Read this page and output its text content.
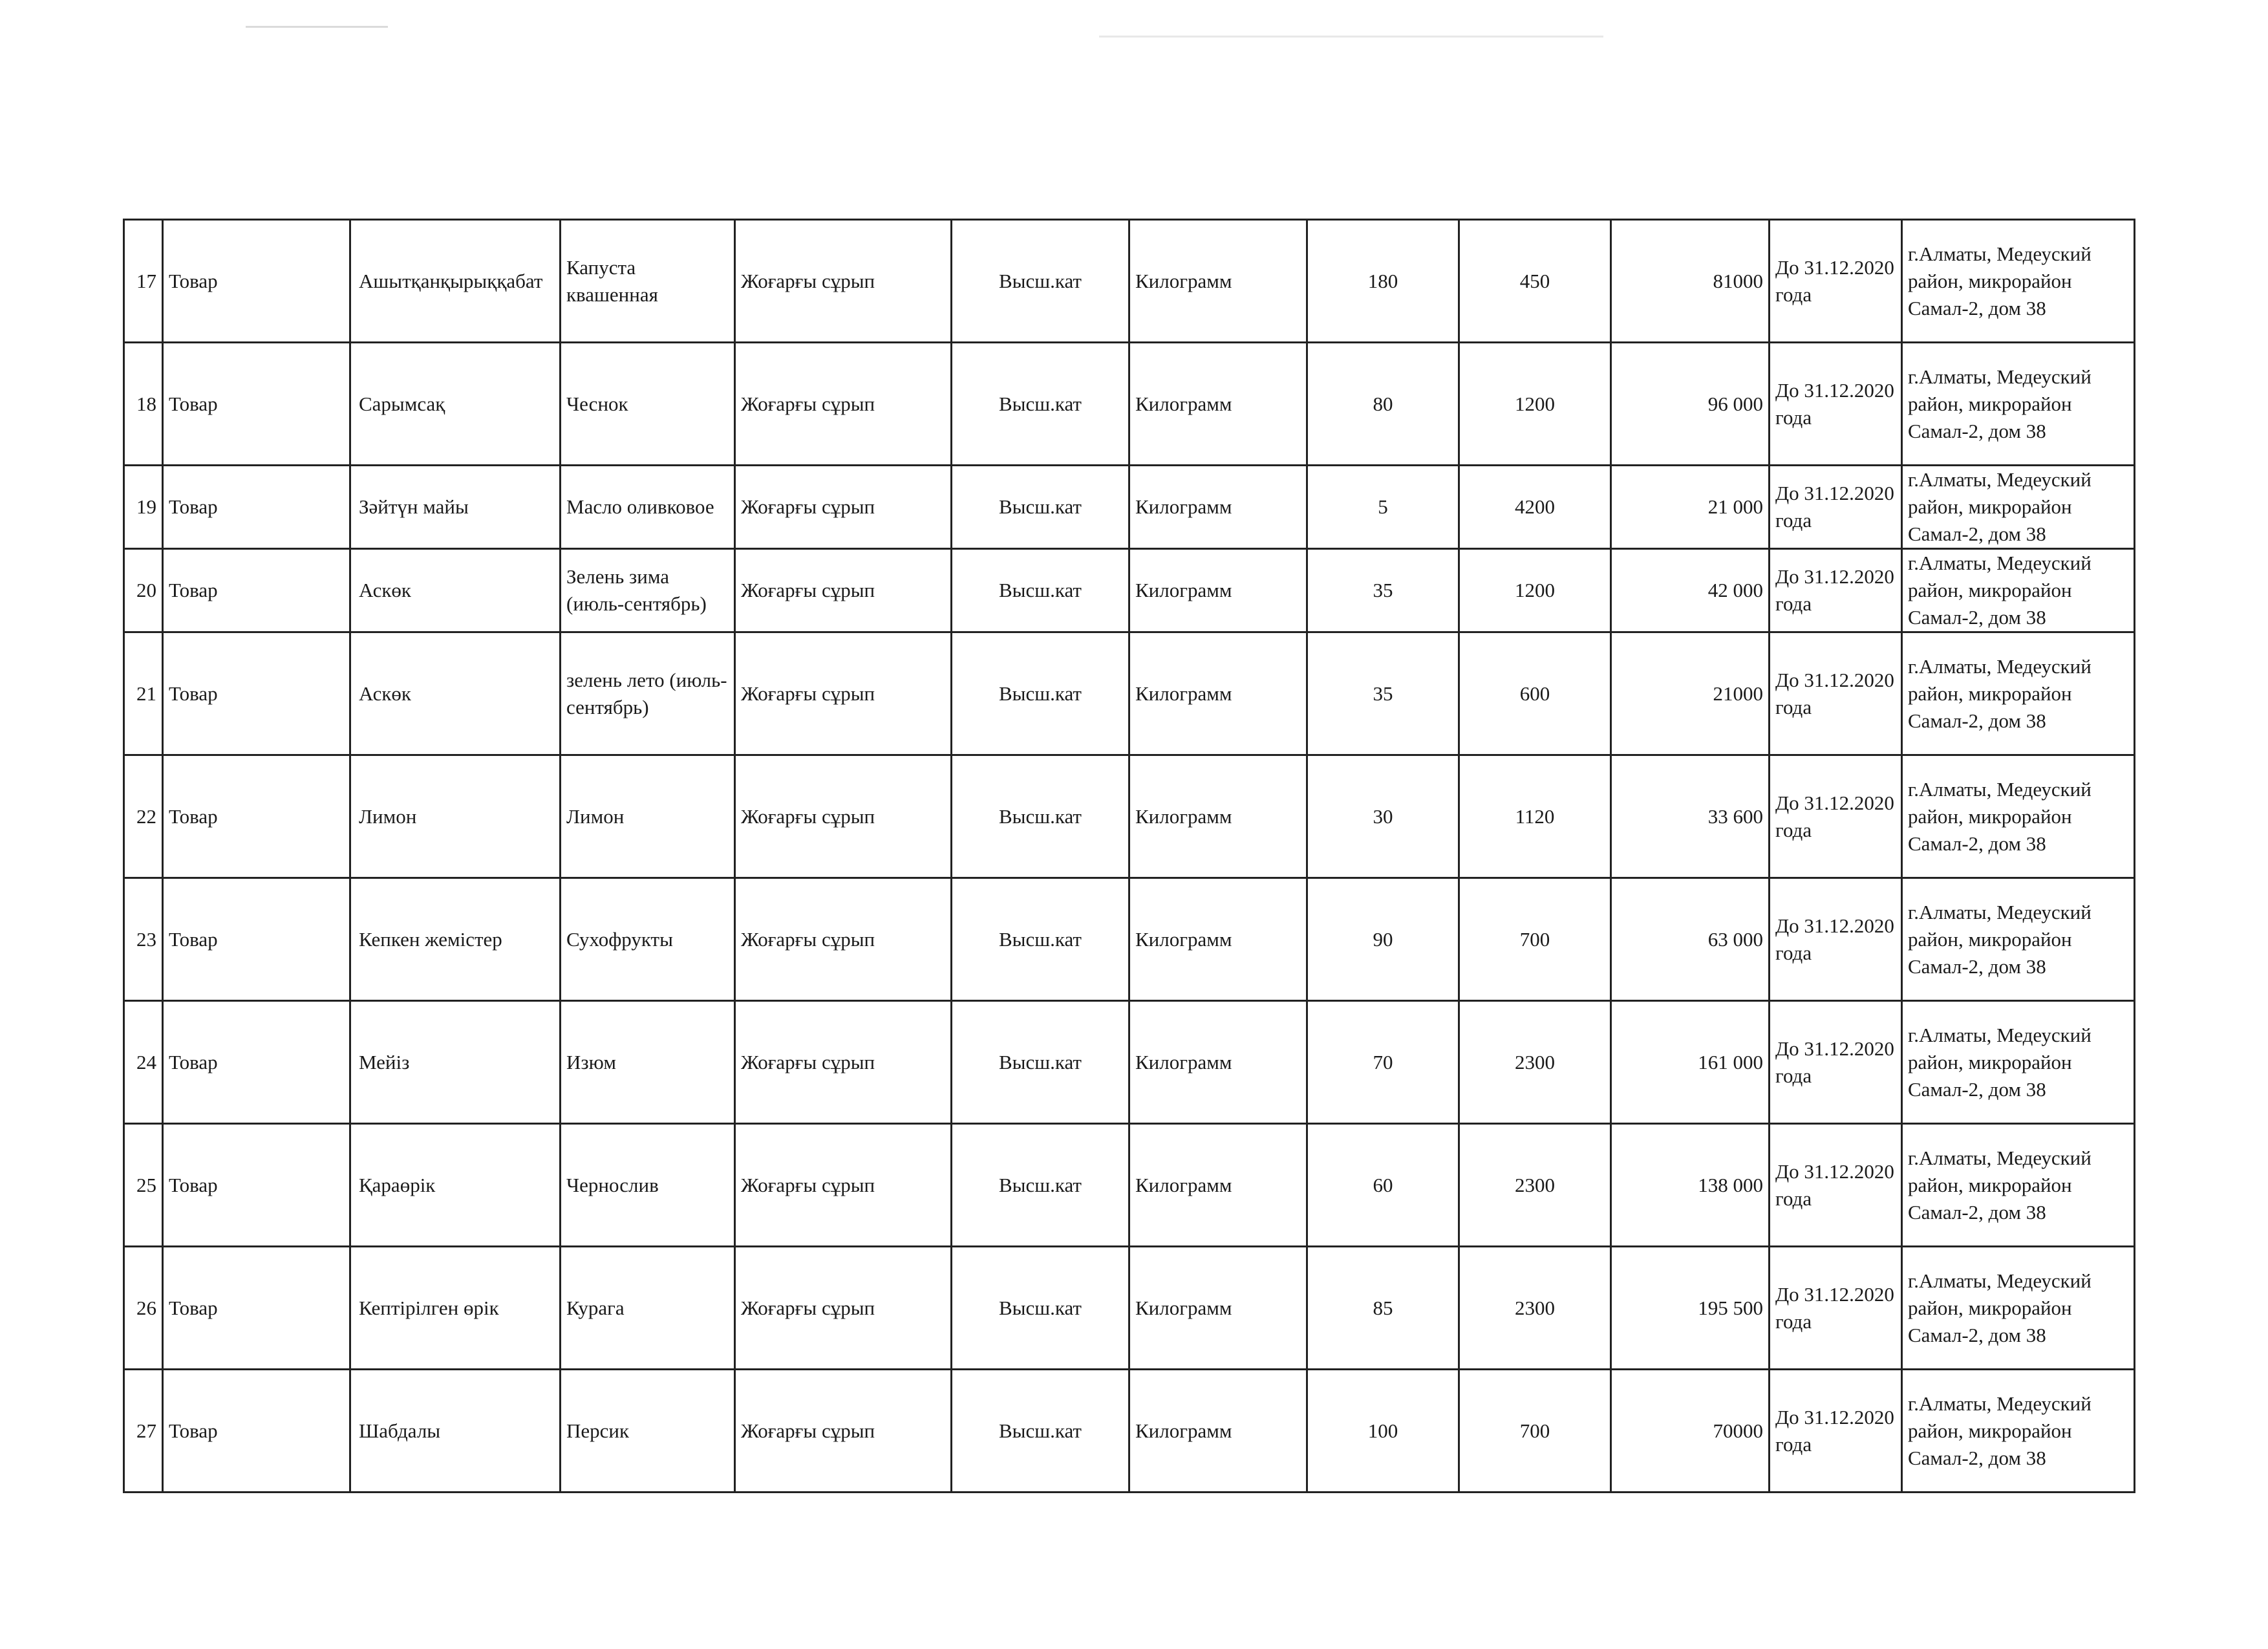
17	Товар	Ашытқанқырыққабат	Капуста квашенная	Жоғарғы сұрып	Высш.кат	Килограмм	180	450	81000	До 31.12.2020 года	г.Алматы, Медеуский район, микрорайон Самал-2, дом 38
18	Товар	Сарымсақ	Чеснок	Жоғарғы сұрып	Высш.кат	Килограмм	80	1200	96 000	До 31.12.2020 года	г.Алматы, Медеуский район, микрорайон Самал-2, дом 38
19	Товар	Зәйтүн майы	Масло оливковое	Жоғарғы сұрып	Высш.кат	Килограмм	5	4200	21 000	До 31.12.2020 года	г.Алматы, Медеуский район, микрорайон Самал-2, дом 38
20	Товар	Аскөк	Зелень зима (июль-сентябрь)	Жоғарғы сұрып	Высш.кат	Килограмм	35	1200	42 000	До 31.12.2020 года	г.Алматы, Медеуский район, микрорайон Самал-2, дом 38
21	Товар	Аскөк	зелень лето (июль-сентябрь)	Жоғарғы сұрып	Высш.кат	Килограмм	35	600	21000	До 31.12.2020 года	г.Алматы, Медеуский район, микрорайон Самал-2, дом 38
22	Товар	Лимон	Лимон	Жоғарғы сұрып	Высш.кат	Килограмм	30	1120	33 600	До 31.12.2020 года	г.Алматы, Медеуский район, микрорайон Самал-2, дом 38
23	Товар	Кепкен жемістер	Сухофрукты	Жоғарғы сұрып	Высш.кат	Килограмм	90	700	63 000	До 31.12.2020 года	г.Алматы, Медеуский район, микрорайон Самал-2, дом 38
24	Товар	Мейіз	Изюм	Жоғарғы сұрып	Высш.кат	Килограмм	70	2300	161 000	До 31.12.2020 года	г.Алматы, Медеуский район, микрорайон Самал-2, дом 38
25	Товар	Қараөрік	Чернослив	Жоғарғы сұрып	Высш.кат	Килограмм	60	2300	138 000	До 31.12.2020 года	г.Алматы, Медеуский район, микрорайон Самал-2, дом 38
26	Товар	Кептірілген өрік	Курага	Жоғарғы сұрып	Высш.кат	Килограмм	85	2300	195 500	До 31.12.2020 года	г.Алматы, Медеуский район, микрорайон Самал-2, дом 38
27	Товар	Шабдалы	Персик	Жоғарғы сұрып	Высш.кат	Килограмм	100	700	70000	До 31.12.2020 года	г.Алматы, Медеуский район, микрорайон Самал-2, дом 38
